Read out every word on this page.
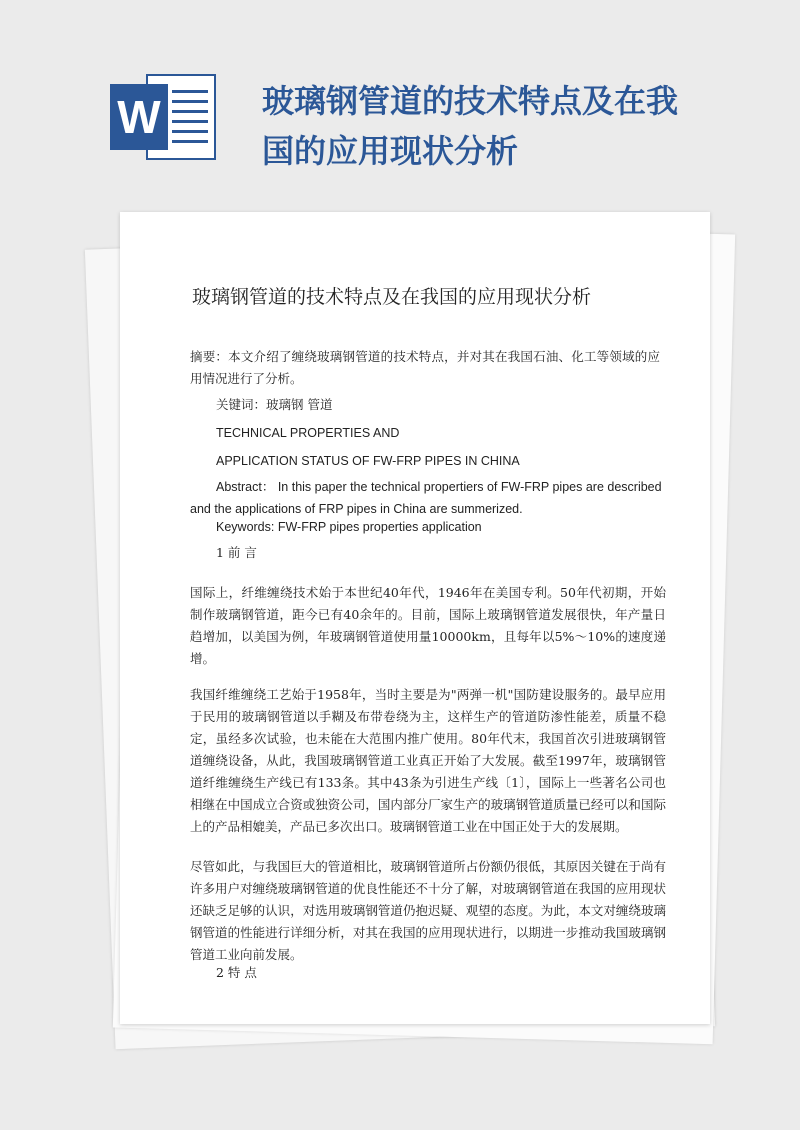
W	玻璃钢管道的技术特点及在我国的应用现状分析
玻璃钢管道的技术特点及在我国的应用现状分析

摘要：本文介绍了缠绕玻璃钢管道的技术特点，并对其在我国石油、化工等领域的应用情况进行了分析。

关键词：玻璃钢 管道

TECHNICAL PROPERTIES AND

APPLICATION STATUS OF FW-FRP PIPES IN CHINA

Abstract： In this paper the technical propertiers of FW-FRP pipes are described and the applications of FRP pipes in China are summerized.

Keywords: FW-FRP pipes properties application

1 前 言

国际上，纤维缠绕技术始于本世纪40年代，1946年在美国专利。50年代初期，开始制作玻璃钢管道，距今已有40余年的。目前，国际上玻璃钢管道发展很快，年产量日趋增加，以美国为例，年玻璃钢管道使用量10000km，且每年以5%～10%的速度递增。

我国纤维缠绕工艺始于1958年，当时主要是为"两弹一机"国防建设服务的。最早应用于民用的玻璃钢管道以手糊及布带卷绕为主，这样生产的管道防渗性能差，质量不稳定，虽经多次试验，也未能在大范围内推广使用。80年代末，我国首次引进玻璃钢管道缠绕设备，从此，我国玻璃钢管道工业真正开始了大发展。截至1997年，玻璃钢管道纤维缠绕生产线已有133条。其中43条为引进生产线〔1〕，国际上一些著名公司也相继在中国成立合资或独资公司，国内部分厂家生产的玻璃钢管道质量已经可以和国际上的产品相媲美，产品已多次出口。玻璃钢管道工业在中国正处于大的发展期。

尽管如此，与我国巨大的管道相比，玻璃钢管道所占份额仍很低，其原因关键在于尚有许多用户对缠绕玻璃钢管道的优良性能还不十分了解，对玻璃钢管道在我国的应用现状还缺乏足够的认识，对选用玻璃钢管道仍抱迟疑、观望的态度。为此，本文对缠绕玻璃钢管道的性能进行详细分析，对其在我国的应用现状进行，以期进一步推动我国玻璃钢管道工业向前发展。

2 特 点
